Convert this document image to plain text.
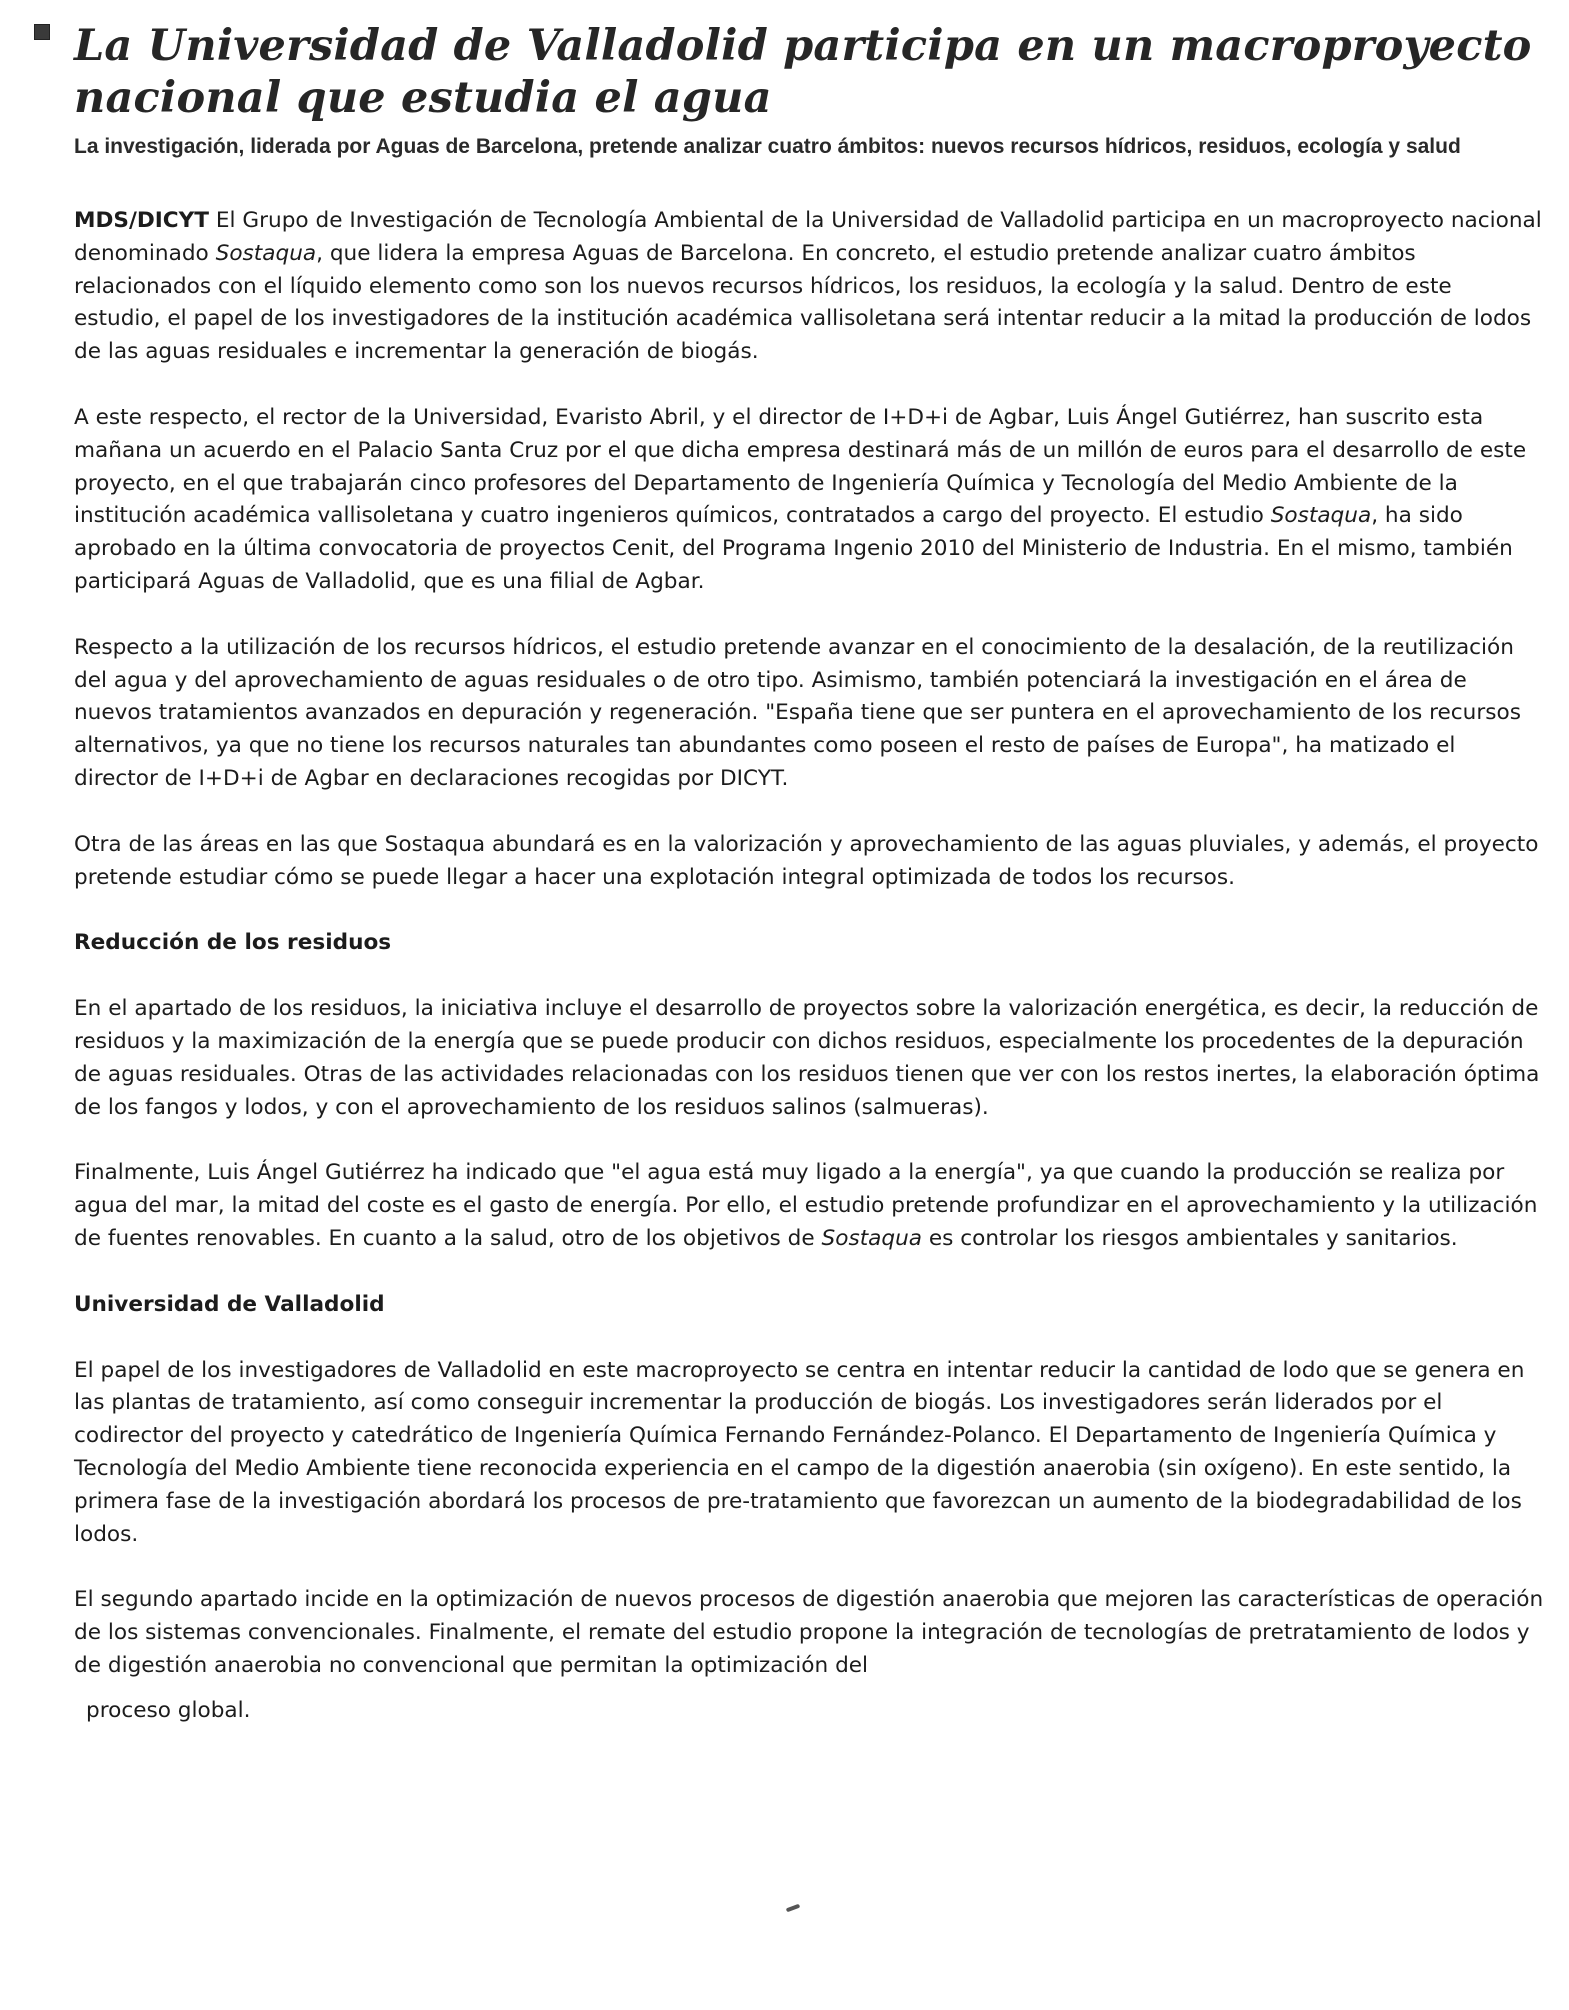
La Universidad de Valladolid participa en un macroproyecto nacional que estudia el agua
La investigación, liderada por Aguas de Barcelona, pretende analizar cuatro ámbitos: nuevos recursos hídricos, residuos, ecología y salud

MDS/DICYT El Grupo de Investigación de Tecnología Ambiental de la Universidad de Valladolid participa en un macroproyecto nacional denominado Sostaqua, que lidera la empresa Aguas de Barcelona. En concreto, el estudio pretende analizar cuatro ámbitos relacionados con el líquido elemento como son los nuevos recursos hídricos, los residuos, la ecología y la salud. Dentro de este estudio, el papel de los investigadores de la institución académica vallisoletana será intentar reducir a la mitad la producción de lodos de las aguas residuales e incrementar la generación de biogás.

A este respecto, el rector de la Universidad, Evaristo Abril, y el director de I+D+i de Agbar, Luis Ángel Gutiérrez, han suscrito esta mañana un acuerdo en el Palacio Santa Cruz por el que dicha empresa destinará más de un millón de euros para el desarrollo de este proyecto, en el que trabajarán cinco profesores del Departamento de Ingeniería Química y Tecnología del Medio Ambiente de la institución académica vallisoletana y cuatro ingenieros químicos, contratados a cargo del proyecto. El estudio Sostaqua, ha sido aprobado en la última convocatoria de proyectos Cenit, del Programa Ingenio 2010 del Ministerio de Industria. En el mismo, también participará Aguas de Valladolid, que es una filial de Agbar.

Respecto a la utilización de los recursos hídricos, el estudio pretende avanzar en el conocimiento de la desalación, de la reutilización del agua y del aprovechamiento de aguas residuales o de otro tipo. Asimismo, también potenciará la investigación en el área de nuevos tratamientos avanzados en depuración y regeneración. "España tiene que ser puntera en el aprovechamiento de los recursos alternativos, ya que no tiene los recursos naturales tan abundantes como poseen el resto de países de Europa", ha matizado el director de I+D+i de Agbar en declaraciones recogidas por DICYT.

Otra de las áreas en las que Sostaqua abundará es en la valorización y aprovechamiento de las aguas pluviales, y además, el proyecto pretende estudiar cómo se puede llegar a hacer una explotación integral optimizada de todos los recursos.

Reducción de los residuos

En el apartado de los residuos, la iniciativa incluye el desarrollo de proyectos sobre la valorización energética, es decir, la reducción de residuos y la maximización de la energía que se puede producir con dichos residuos, especialmente los procedentes de la depuración de aguas residuales. Otras de las actividades relacionadas con los residuos tienen que ver con los restos inertes, la elaboración óptima de los fangos y lodos, y con el aprovechamiento de los residuos salinos (salmueras).

Finalmente, Luis Ángel Gutiérrez ha indicado que "el agua está muy ligado a la energía", ya que cuando la producción se realiza por agua del mar, la mitad del coste es el gasto de energía. Por ello, el estudio pretende profundizar en el aprovechamiento y la utilización de fuentes renovables. En cuanto a la salud, otro de los objetivos de Sostaqua es controlar los riesgos ambientales y sanitarios.

Universidad de Valladolid

El papel de los investigadores de Valladolid en este macroproyecto se centra en intentar reducir la cantidad de lodo que se genera en las plantas de tratamiento, así como conseguir incrementar la producción de biogás. Los investigadores serán liderados por el codirector del proyecto y catedrático de Ingeniería Química Fernando Fernández-Polanco. El Departamento de Ingeniería Química y Tecnología del Medio Ambiente tiene reconocida experiencia en el campo de la digestión anaerobia (sin oxígeno). En este sentido, la primera fase de la investigación abordará los procesos de pre-tratamiento que favorezcan un aumento de la biodegradabilidad de los lodos.

El segundo apartado incide en la optimización de nuevos procesos de digestión anaerobia que mejoren las características de operación de los sistemas convencionales. Finalmente, el remate del estudio propone la integración de tecnologías de pretratamiento de lodos y de digestión anaerobia no convencional que permitan la optimización del

proceso global.
